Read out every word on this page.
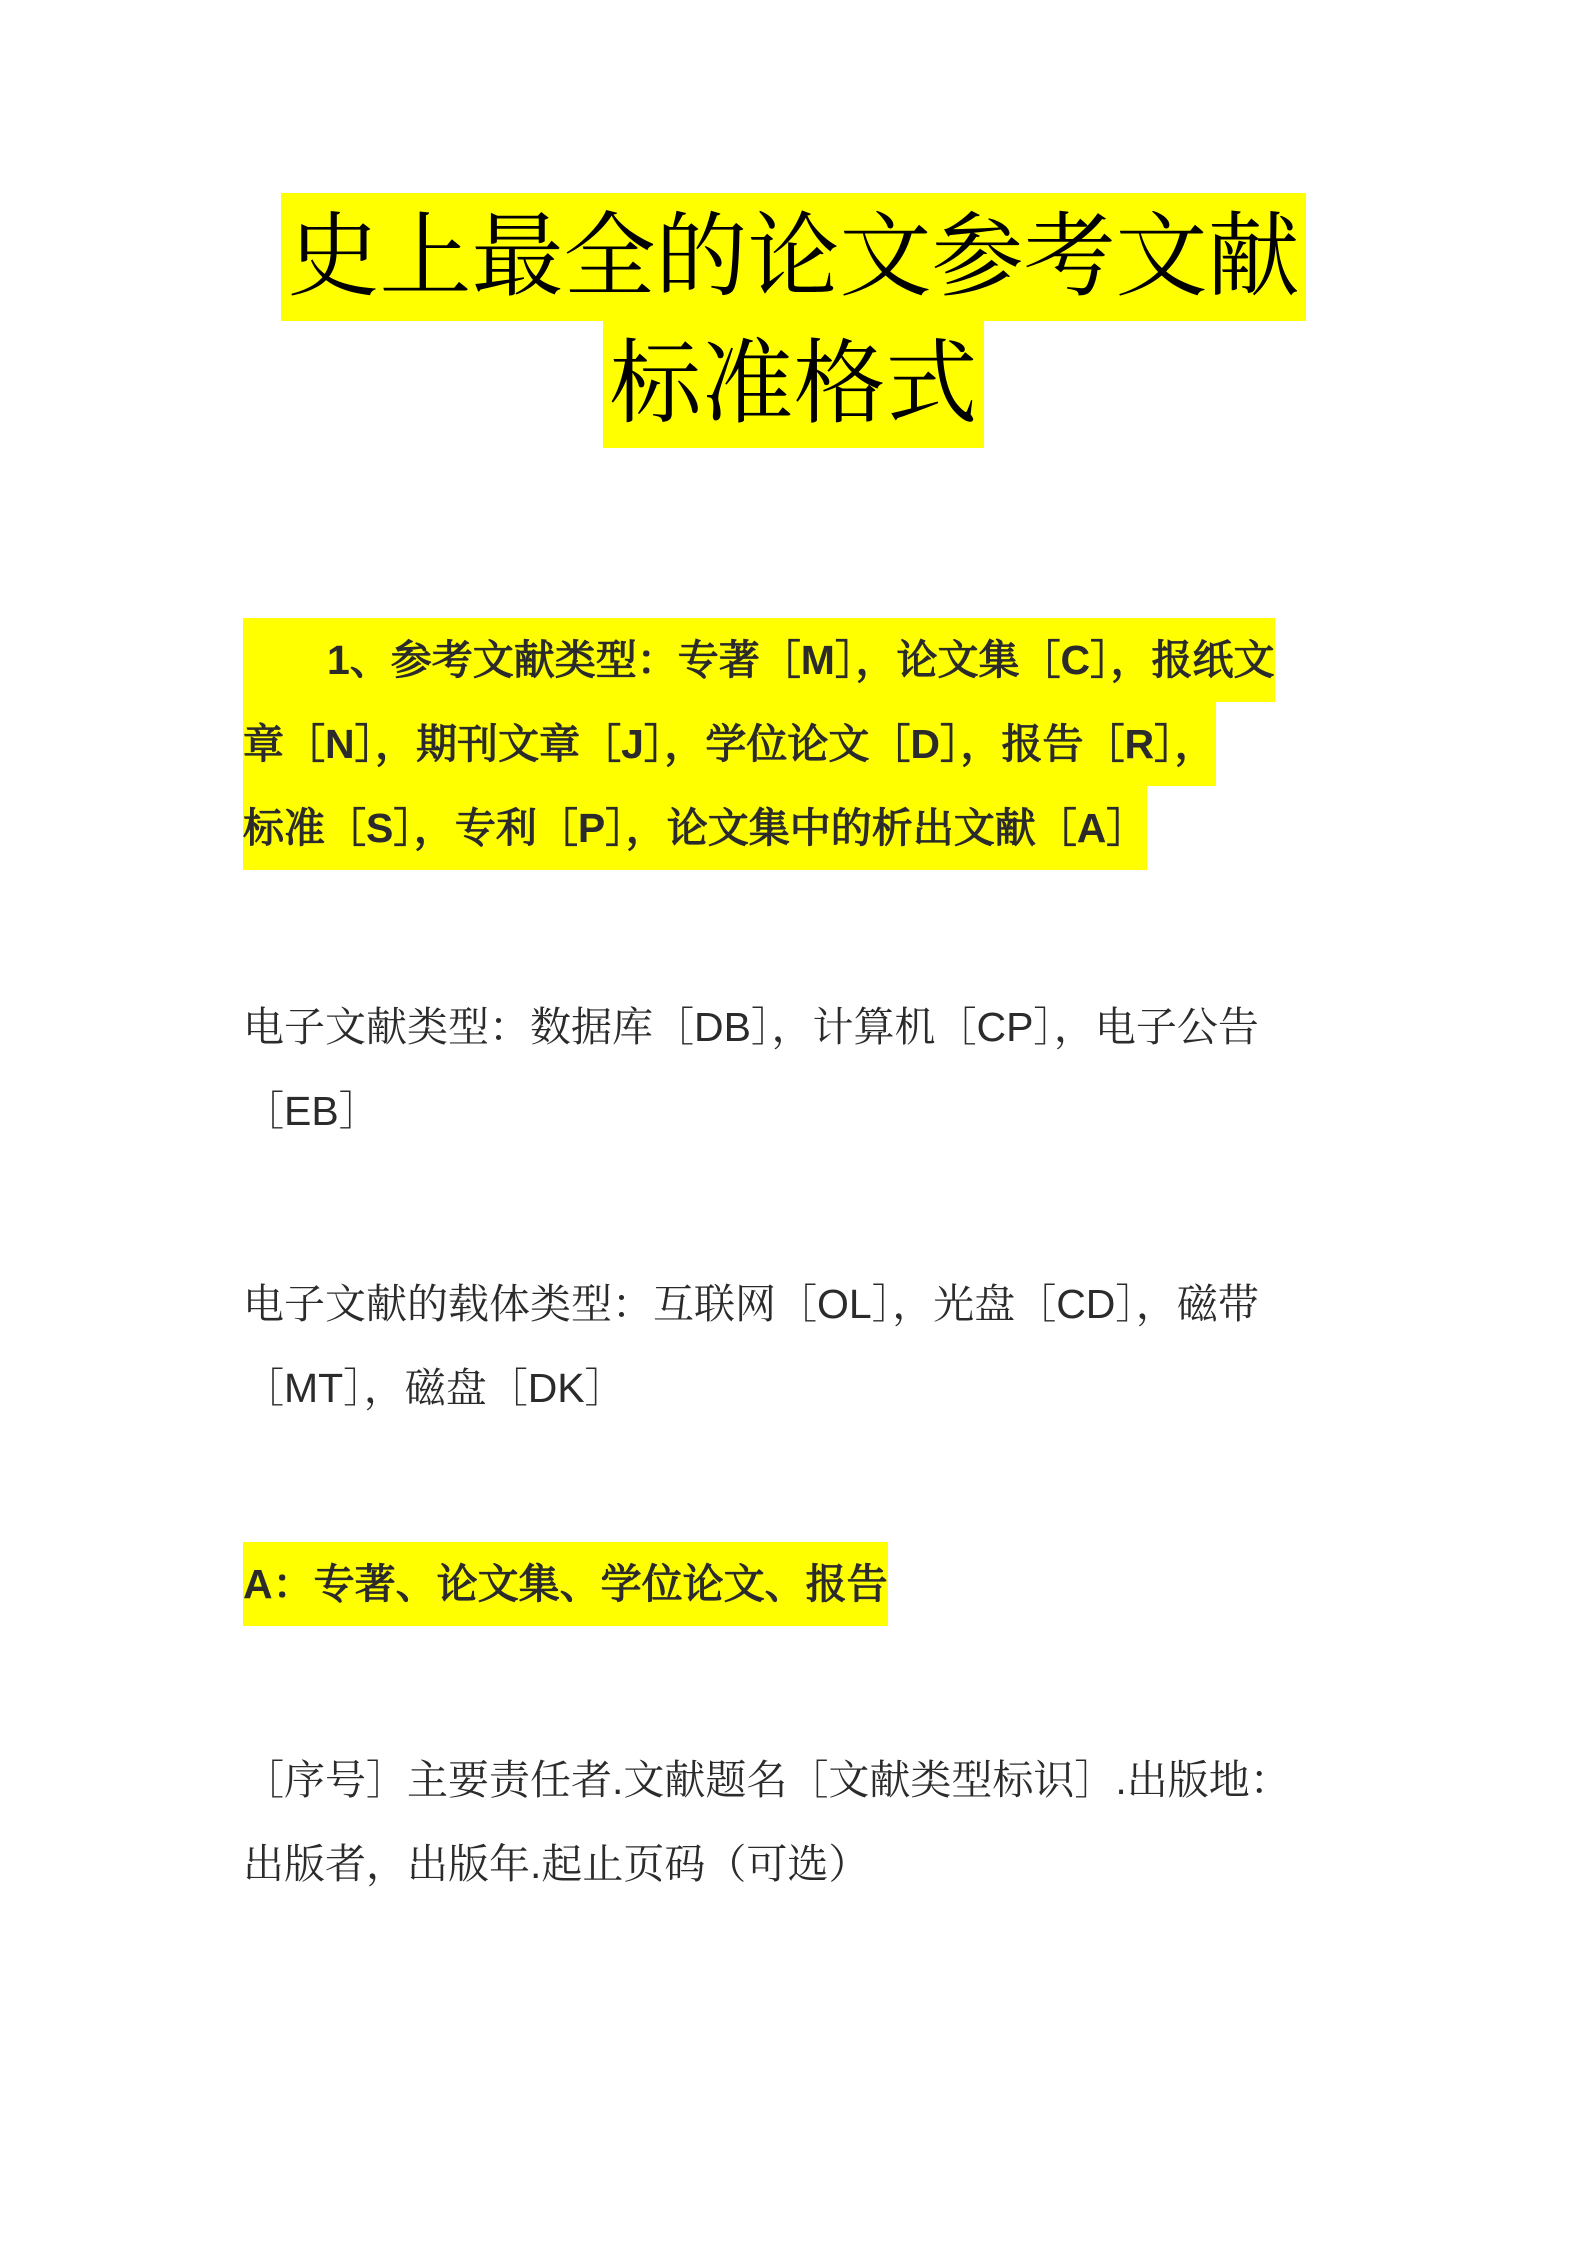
史上最全的论文参考文献
标准格式

1、参考文献类型：专著［M］，论文集［C］，报纸文
章［N］，期刊文章［J］，学位论文［D］，报告［R］，
标准［S］，专利［P］，论文集中的析出文献［A］

电子文献类型：数据库［DB］，计算机［CP］，电子公告
［EB］

电子文献的载体类型：互联网［OL］，光盘［CD］，磁带
［MT］，磁盘［DK］

A：专著、论文集、学位论文、报告

［序号］主要责任者.文献题名［文献类型标识］.出版地：
出版者，出版年.起止页码（可选）
